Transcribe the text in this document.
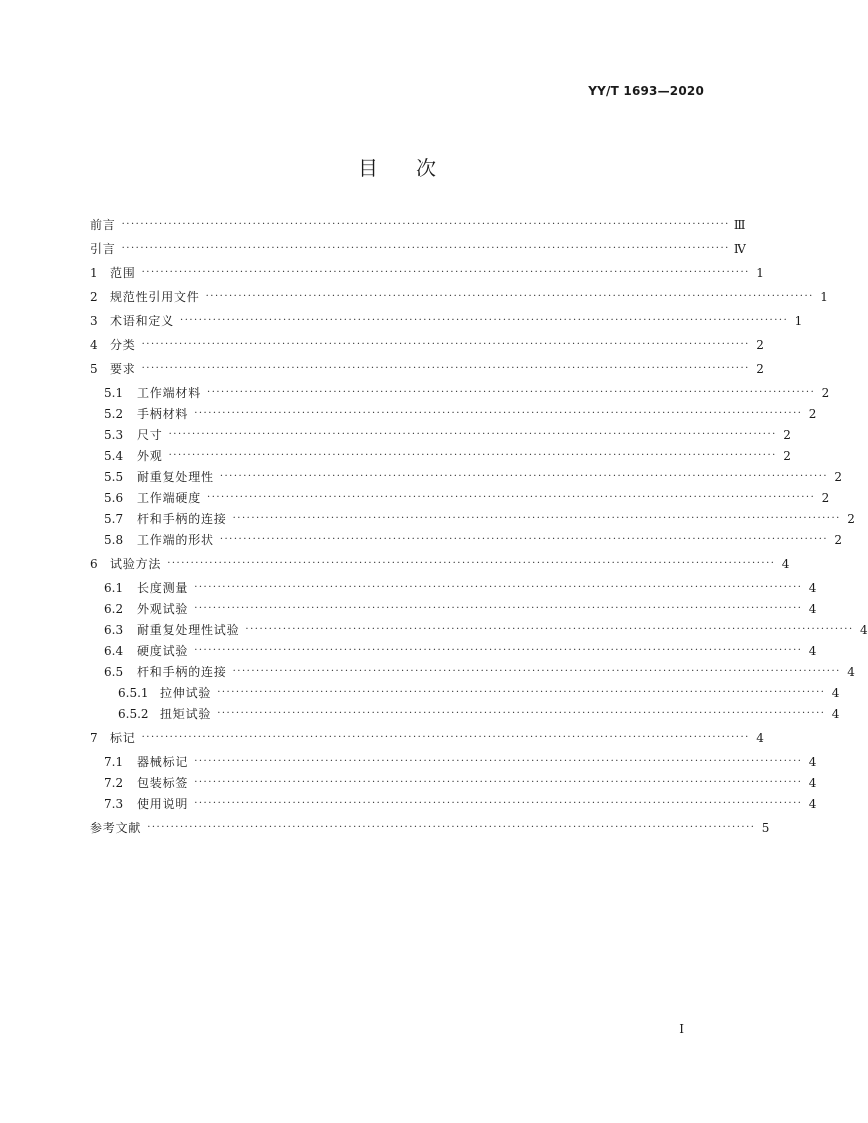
YY/T 1693—2020
目次
前言 ·································································································································· Ⅲ
引言 ·································································································································· Ⅳ
1	范围 ·································································································································· 1
2	规范性引用文件 ·································································································································· 1
3	术语和定义 ·································································································································· 1
4	分类 ·································································································································· 2
5	要求 ·································································································································· 2
5.1	工作端材料 ·································································································································· 2
5.2	手柄材料 ·································································································································· 2
5.3	尺寸 ·································································································································· 2
5.4	外观 ·································································································································· 2
5.5	耐重复处理性 ·································································································································· 2
5.6	工作端硬度 ·································································································································· 2
5.7	杆和手柄的连接 ·································································································································· 2
5.8	工作端的形状 ·································································································································· 2
6	试验方法 ·································································································································· 4
6.1	长度测量 ·································································································································· 4
6.2	外观试验 ·································································································································· 4
6.3	耐重复处理性试验 ·································································································································· 4
6.4	硬度试验 ·································································································································· 4
6.5	杆和手柄的连接 ·································································································································· 4
6.5.1 拉伸试验 ·································································································································· 4
6.5.2 扭矩试验 ·································································································································· 4
7	标记 ·································································································································· 4
7.1	器械标记 ·································································································································· 4
7.2	包装标签 ·································································································································· 4
7.3	使用说明 ·································································································································· 4
参考文献 ·································································································································· 5
I
